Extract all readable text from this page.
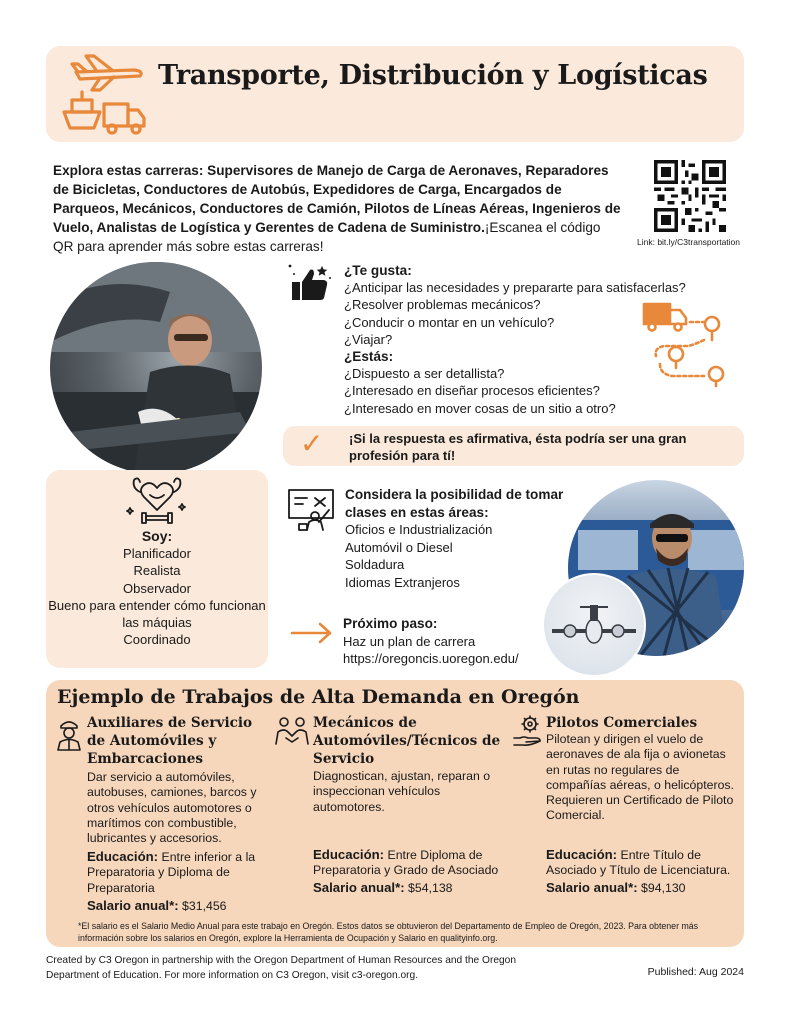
Transporte, Distribución y Logísticas
Explora estas carreras: Supervisores de Manejo de Carga de Aeronaves, Reparadores de Bicicletas, Conductores de Autobús, Expedidores de Carga, Encargados de Parqueos, Mecánicos, Conductores de Camión, Pilotos de Líneas Aéreas, Ingenieros de Vuelo, Analistas de Logística y Gerentes de Cadena de Suministro.¡Escanea el código QR para aprender más sobre estas carreras!	Link: bit.ly/C3transportation
¿Te gusta:
¿Anticipar las necesidades y prepararte para satisfacerlas?
¿Resolver problemas mecánicos?
¿Conducir o montar en un vehículo?
¿Viajar?
¿Estás:
¿Dispuesto a ser detallista?
¿Interesado en diseñar procesos eficientes?
¿Interesado en mover cosas de un sitio a otro?
✓ ¡Si la respuesta es afirmativa, ésta podría ser una gran profesión para tí!
Soy:
Planificador
Realista
Observador
Bueno para entender cómo funcionan las máquias
Coordinado
Considera la posibilidad de tomar clases en estas áreas:
Oficios e Industrialización
Automóvil o Diesel
Soldadura
Idiomas Extranjeros
Próximo paso:
Haz un plan de carrera
https://oregoncis.uoregon.edu/
Ejemplo de Trabajos de Alta Demanda en Oregón
Auxiliares de Servicio de Automóviles y Embarcaciones
Dar servicio a automóviles, autobuses, camiones, barcos y otros vehículos automotores o marítimos con combustible, lubricantes y accesorios.
Educación: Entre inferior a la Preparatoria y Diploma de Preparatoria
Salario anual*: $31,456
Mecánicos de Automóviles/Técnicos de Servicio
Diagnostican, ajustan, reparan o inspeccionan vehículos automotores.
Educación: Entre Diploma de Preparatoria y Grado de Asociado
Salario anual*: $54,138
Pilotos Comerciales
Pilotean y dirigen el vuelo de aeronaves de ala fija o avionetas en rutas no regulares de compañías aéreas, o helicópteros. Requieren un Certificado de Piloto Comercial.
Educación: Entre Título de Asociado y Título de Licenciatura.
Salario anual*: $94,130
*El salario es el Salario Medio Anual para este trabajo en Oregón. Estos datos se obtuvieron del Departamento de Empleo de Oregón, 2023. Para obtener más información sobre los salarios en Oregón, explore la Herramienta de Ocupación y Salario en qualityinfo.org.
Created by C3 Oregon in partnership with the Oregon Department of Human Resources and the Oregon Department of Education. For more information on C3 Oregon, visit c3-oregon.org.	Published: Aug 2024
